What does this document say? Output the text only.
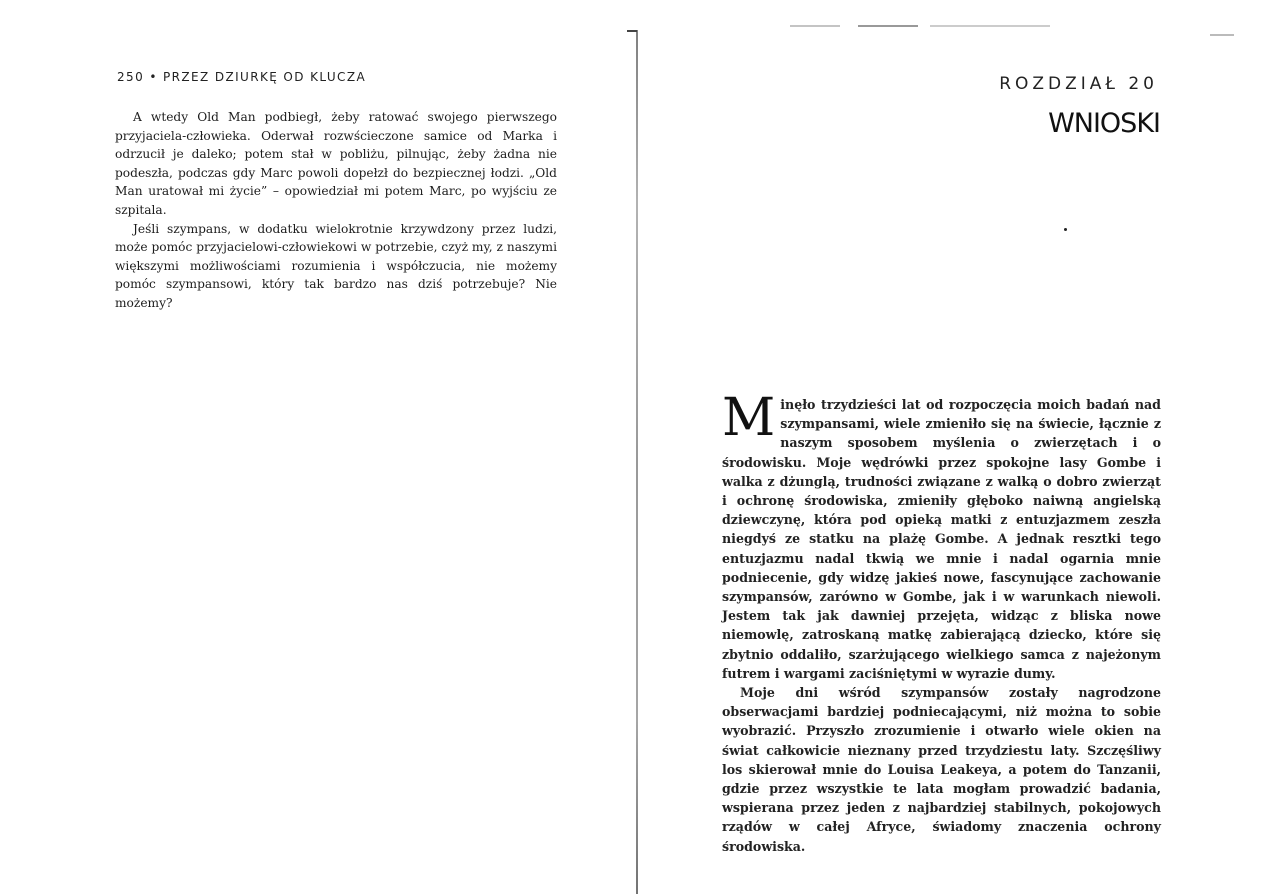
250 • PRZEZ DZIURKĘ OD KLUCZA

A wtedy Old Man podbiegł, żeby ratować swojego pierwszego przyjaciela-człowieka. Oderwał rozwścieczone samice od Marka i odrzucił je daleko; potem stał w pobliżu, pilnując, żeby żadna nie podeszła, podczas gdy Marc powoli dopełzł do bezpiecznej łodzi. „Old Man uratował mi życie” – opowiedział mi potem Marc, po wyjściu ze szpitala.

Jeśli szympans, w dodatku wielokrotnie krzywdzony przez ludzi, może pomóc przyjacielowi-człowiekowi w potrzebie, czyż my, z naszymi większymi możliwościami rozumienia i współczucia, nie możemy pomóc szympansowi, który tak bardzo nas dziś potrzebuje? Nie możemy?

ROZDZIAŁ 20
WNIOSKI

Minęło trzydzieści lat od rozpoczęcia moich badań nad szympansami, wiele zmieniło się na świecie, łącznie z naszym sposobem myślenia o zwierzętach i o środowisku. Moje wędrówki przez spokojne lasy Gombe i walka z dżunglą, trudności związane z walką o dobro zwierząt i ochronę środowiska, zmieniły głęboko naiwną angielską dziewczynę, która pod opieką matki z entuzjazmem zeszła niegdyś ze statku na plażę Gombe. A jednak resztki tego entuzjazmu nadal tkwią we mnie i nadal ogarnia mnie podniecenie, gdy widzę jakieś nowe, fascynujące zachowanie szympansów, zarówno w Gombe, jak i w warunkach niewoli. Jestem tak jak dawniej przejęta, widząc z bliska nowe niemowlę, zatroskaną matkę zabierającą dziecko, które się zbytnio oddaliło, szarżującego wielkiego samca z najeżonym futrem i wargami zaciśniętymi w wyrazie dumy.

Moje dni wśród szympansów zostały nagrodzone obserwacjami bardziej podniecającymi, niż można to sobie wyobrazić. Przyszło zrozumienie i otwarło wiele okien na świat całkowicie nieznany przed trzydziestu laty. Szczęśliwy los skierował mnie do Louisa Leakeya, a potem do Tanzanii, gdzie przez wszystkie te lata mogłam prowadzić badania, wspierana przez jeden z najbardziej stabilnych, pokojowych rządów w całej Afryce, świadomy znaczenia ochrony środowiska.
